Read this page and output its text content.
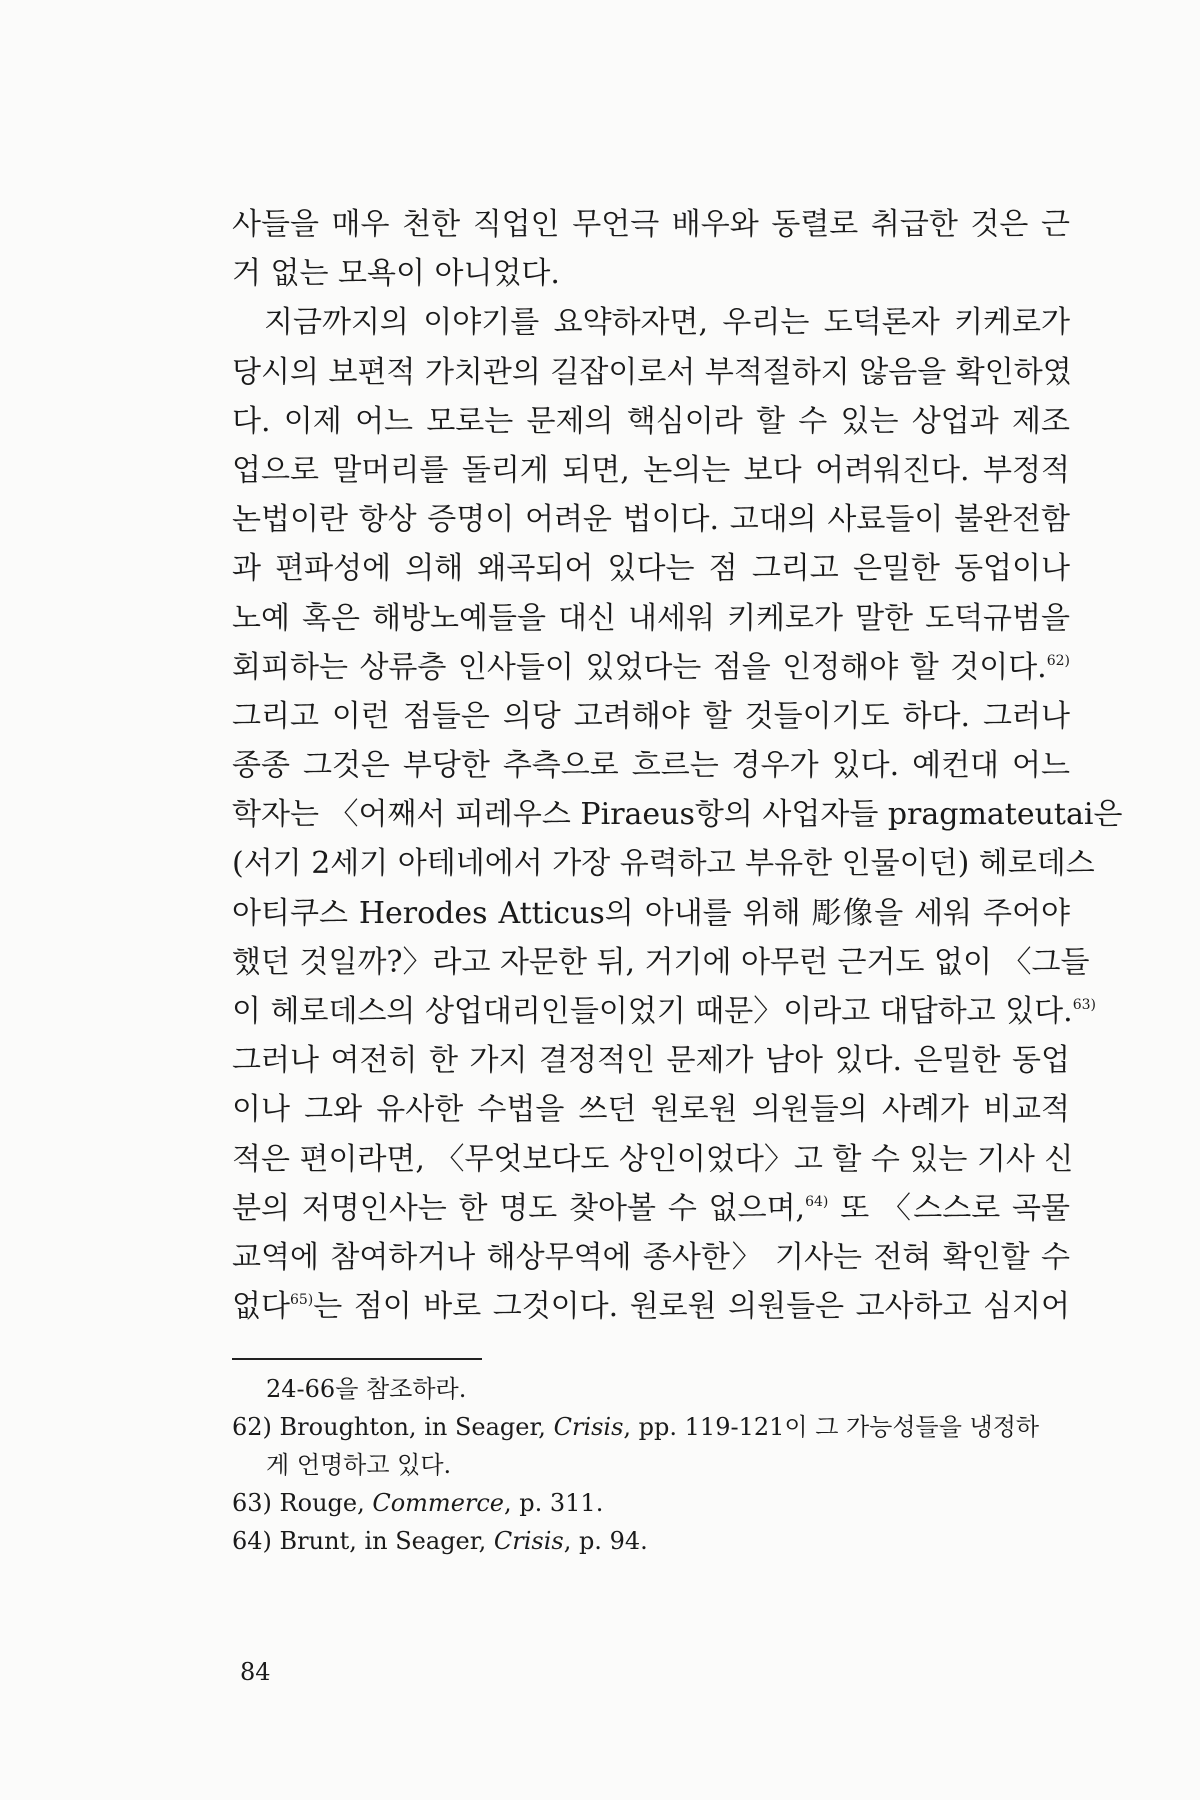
사들을 매우 천한 직업인 무언극 배우와 동렬로 취급한 것은 근
거 없는 모욕이 아니었다.
지금까지의 이야기를 요약하자면, 우리는 도덕론자 키케로가
당시의 보편적 가치관의 길잡이로서 부적절하지 않음을 확인하였
다. 이제 어느 모로는 문제의 핵심이라 할 수 있는 상업과 제조
업으로 말머리를 돌리게 되면, 논의는 보다 어려워진다. 부정적
논법이란 항상 증명이 어려운 법이다. 고대의 사료들이 불완전함
과 편파성에 의해 왜곡되어 있다는 점 그리고 은밀한 동업이나
노예 혹은 해방노예들을 대신 내세워 키케로가 말한 도덕규범을
회피하는 상류층 인사들이 있었다는 점을 인정해야 할 것이다.$^{62)}$
그리고 이런 점들은 의당 고려해야 할 것들이기도 하다. 그러나
종종 그것은 부당한 추측으로 흐르는 경우가 있다. 예컨대 어느
학자는 〈어째서 피레우스 Piraeus항의 사업자들 pragmateutai은
(서기 2세기 아테네에서 가장 유력하고 부유한 인물이던) 헤로데스
아티쿠스 Herodes Atticus의 아내를 위해 彫像을 세워 주어야
했던 것일까?〉라고 자문한 뒤, 거기에 아무런 근거도 없이 〈그들
이 헤로데스의 상업대리인들이었기 때문〉이라고 대답하고 있다.$^{63)}$
그러나 여전히 한 가지 결정적인 문제가 남아 있다. 은밀한 동업
이나 그와 유사한 수법을 쓰던 원로원 의원들의 사례가 비교적
적은 편이라면, 〈무엇보다도 상인이었다〉고 할 수 있는 기사 신
분의 저명인사는 한 명도 찾아볼 수 없으며,$^{64)}$ 또 〈스스로 곡물
교역에 참여하거나 해상무역에 종사한〉 기사는 전혀 확인할 수
없다$^{65)}$는 점이 바로 그것이다. 원로원 의원들은 고사하고 심지어
24-66을 참조하라.
62) Broughton, in Seager, Crisis, pp. 119-121이 그 가능성들을 냉정하
게 언명하고 있다.
63) Rouge, Commerce, p. 311.
64) Brunt, in Seager, Crisis, p. 94.
84
